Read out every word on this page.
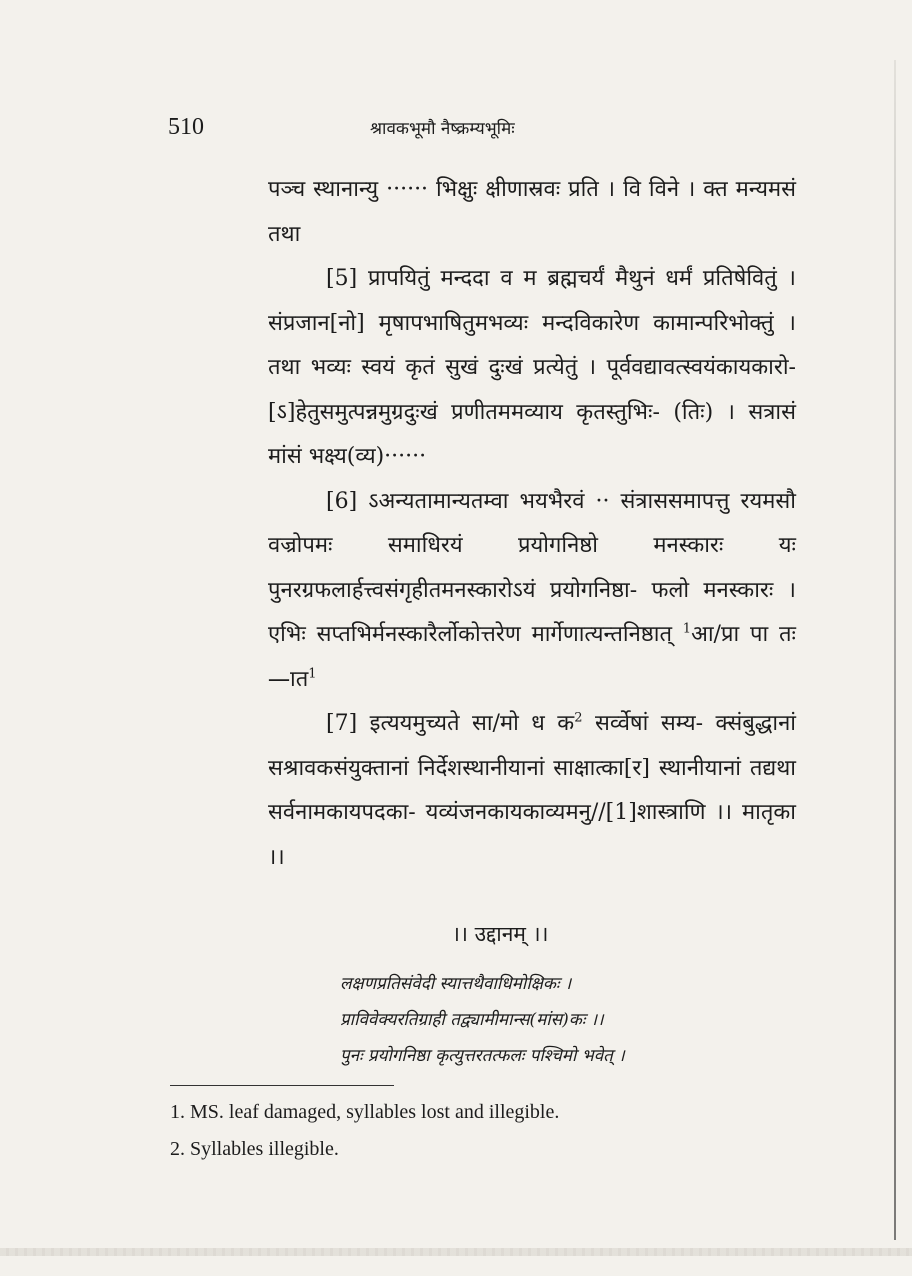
510	श्रावकभूमौ नैष्क्रम्यभूमिः

पञ्च स्थानान्यु ······ भिक्षुः क्षीणास्रवः प्रति । वि विने । क्त मन्यमसं तथा

[5] प्रापयितुं मन्ददा व म ब्रह्मचर्यं मैथुनं धर्मं प्रतिषेवितुं । संप्रजान[नो] मृषापभाषितुमभव्यः मन्दविकारेण कामान्परिभोक्तुं । तथा भव्यः स्वयं कृतं सुखं दुःखं प्रत्येतुं । पूर्ववद्यावत्स्वयंकायकारो- [ऽ]हेतुसमुत्पन्नमुग्रदुःखं प्रणीतममव्याय कृतस्तुभिः- (तिः) । सत्रासं मांसं भक्ष्य(व्य)······

[6] ऽअन्यतामान्यतम्वा भयभैरवं ·· संत्राससमापत्तु रयमसौ वज्रोपमः समाधिरयं प्रयोगनिष्ठो मनस्कारः यः पुनरग्रफलार्हत्त्वसंगृहीतमनस्कारोऽयं प्रयोगनिष्ठा- फलो मनस्कारः । एभिः सप्तभिर्मनस्कारैर्लोकोत्तरेण मार्गेणात्यन्तनिष्ठात् $^1$आ/प्रा पा तः—ात$^1$

[7] इत्ययमुच्यते सा/मो ध क$^2$ सर्व्वेषां सम्य- क्संबुद्धानां सश्रावकसंयुक्तानां निर्देशस्थानीयानां साक्षात्का[र] स्थानीयानां तद्यथा सर्वनामकायपदका- यव्यंजनकायकाव्यमनु//[1]शास्त्राणि ।। मातृका ।।

।। उद्दानम् ।।
लक्षणप्रतिसंवेदी स्यात्तथैवाधिमोक्षिकः ।
प्राविवेक्यरतिग्राही तद्व्यामीमान्स(मांस)कः ।।
पुनः प्रयोगनिष्ठा कृत्युत्तरतत्फलः पश्चिमो भवेत् ।
1. MS. leaf damaged, syllables lost and illegible.
2. Syllables illegible.
